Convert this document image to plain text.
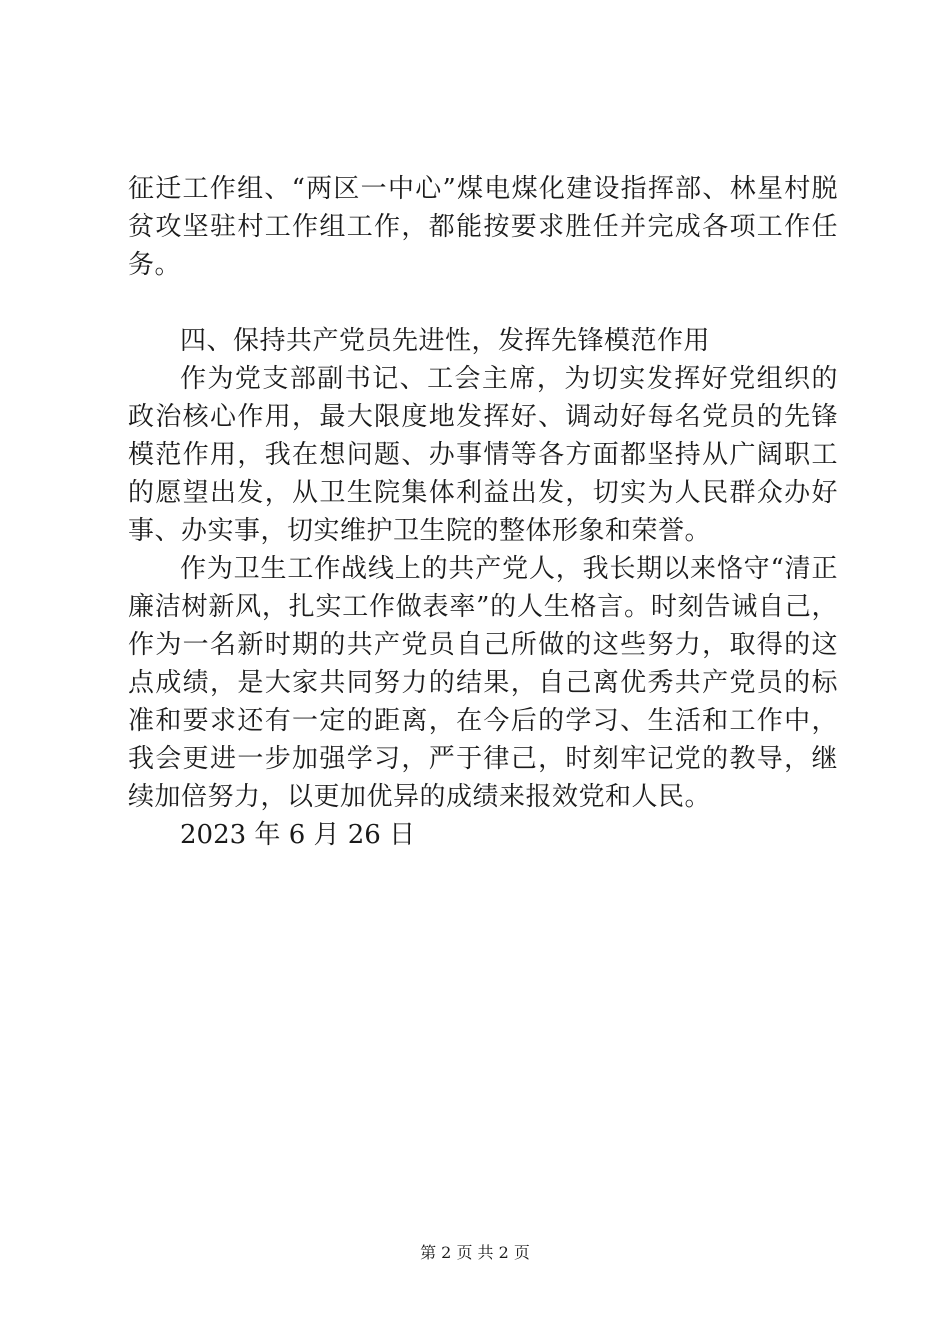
征迁工作组、“两区一中心”煤电煤化建设指挥部、林星村脱贫攻坚驻村工作组工作，都能按要求胜任并完成各项工作任务。

四、保持共产党员先进性，发挥先锋模范作用

作为党支部副书记、工会主席，为切实发挥好党组织的政治核心作用，最大限度地发挥好、调动好每名党员的先锋模范作用，我在想问题、办事情等各方面都坚持从广阔职工的愿望出发，从卫生院集体利益出发，切实为人民群众办好事、办实事，切实维护卫生院的整体形象和荣誉。

作为卫生工作战线上的共产党人，我长期以来恪守“清正廉洁树新风，扎实工作做表率”的人生格言。时刻告诫自己，作为一名新时期的共产党员自己所做的这些努力，取得的这点成绩，是大家共同努力的结果，自己离优秀共产党员的标准和要求还有一定的距离，在今后的学习、生活和工作中，我会更进一步加强学习，严于律己，时刻牢记党的教导，继续加倍努力，以更加优异的成绩来报效党和人民。

2023 年 6 月 26 日

第 2 页 共 2 页
